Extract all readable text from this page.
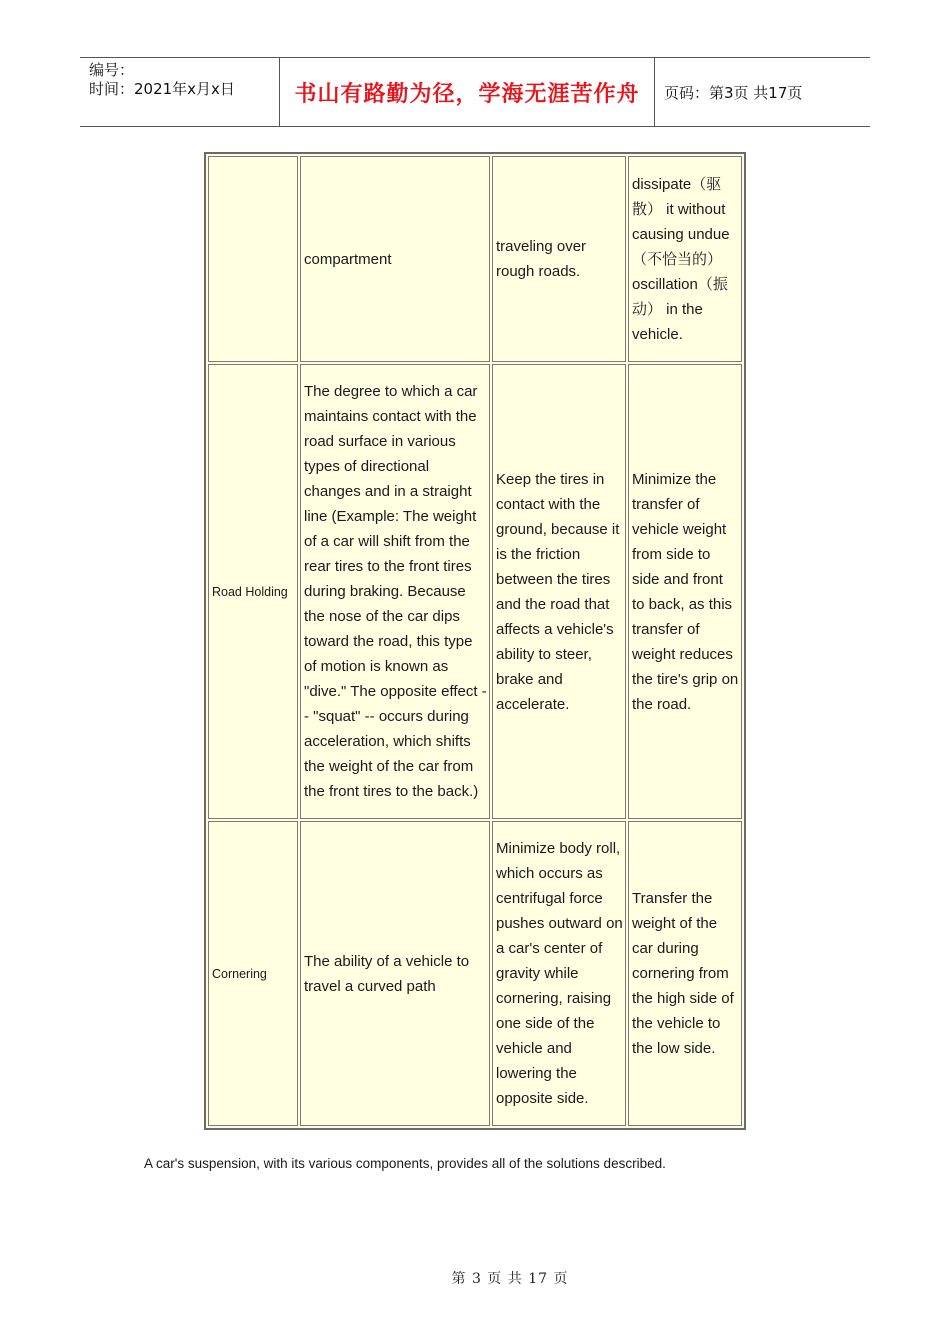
编号：
时间：2021年x月x日	书山有路勤为径，学海无涯苦作舟	页码：第3页 共17页
	compartment	traveling over rough roads.	dissipate（驱散） it without causing undue（不恰当的） oscillation（振动） in the vehicle.
Road Holding	The degree to which a car maintains contact with the road surface in various types of directional changes and in a straight line (Example: The weight of a car will shift from the rear tires to the front tires during braking. Because the nose of the car dips toward the road, this type of motion is known as "dive." The opposite effect -- "squat" -- occurs during acceleration, which shifts the weight of the car from the front tires to the back.)	Keep the tires in contact with the ground, because it is the friction between the tires and the road that affects a vehicle's ability to steer, brake and accelerate.	Minimize the transfer of vehicle weight from side to side and front to back, as this transfer of weight reduces the tire's grip on the road.
Cornering	The ability of a vehicle to travel a curved path	Minimize body roll, which occurs as centrifugal force pushes outward on a car's center of gravity while cornering, raising one side of the vehicle and lowering the opposite side.	Transfer the weight of the car during cornering from the high side of the vehicle to the low side.
A car's suspension, with its various components, provides all of the solutions described.
第 3 页 共 17 页
